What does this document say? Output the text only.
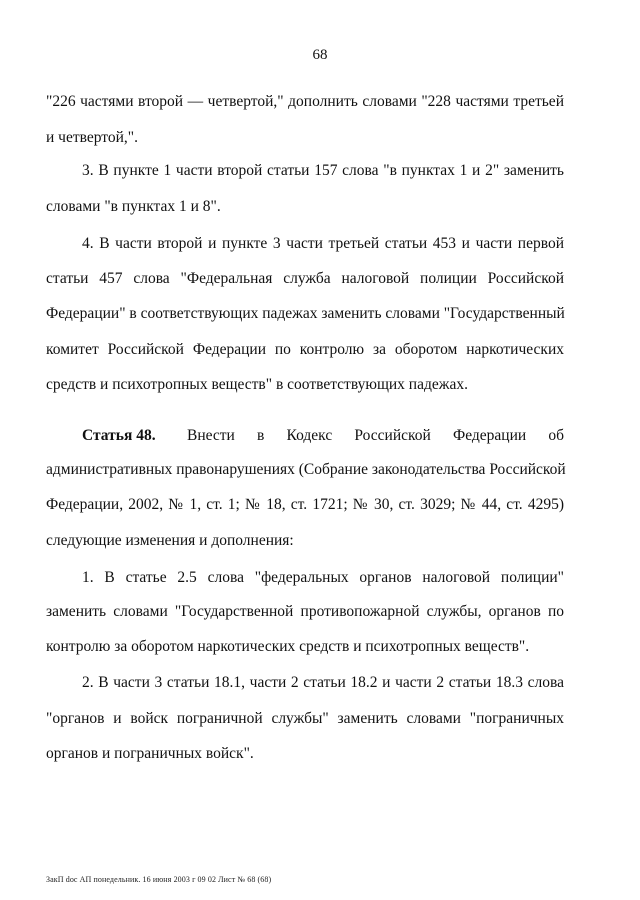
68
"226 частями второй — четвертой," дополнить словами "228 частями третьей
и четвертой,".
3. В пункте 1 части второй статьи 157 слова "в пунктах 1 и 2" заменить
словами "в пунктах 1 и 8".
4. В части второй и пункте 3 части третьей статьи 453 и части первой
статьи 457 слова "Федеральная служба налоговой полиции Российской
Федерации" в соответствующих падежах заменить словами "Государственный
комитет Российской Федерации по контролю за оборотом наркотических
средств и психотропных веществ" в соответствующих падежах.
Статья 48.	Внести в Кодекс Российской Федерации об
административных правонарушениях (Собрание законодательства Российской
Федерации, 2002, № 1, ст. 1; № 18, ст. 1721; № 30, ст. 3029; № 44, ст. 4295)
следующие изменения и дополнения:
1. В статье 2.5 слова "федеральных органов налоговой полиции"
заменить словами "Государственной противопожарной службы, органов по
контролю за оборотом наркотических средств и психотропных веществ".
2. В части 3 статьи 18.1, части 2 статьи 18.2 и части 2 статьи 18.3 слова
"органов и войск пограничной службы" заменить словами "пограничных
органов и пограничных войск".
ЗакП doc АП понедельник. 16 июня 2003 г 09 02 Лист № 68 (68)
